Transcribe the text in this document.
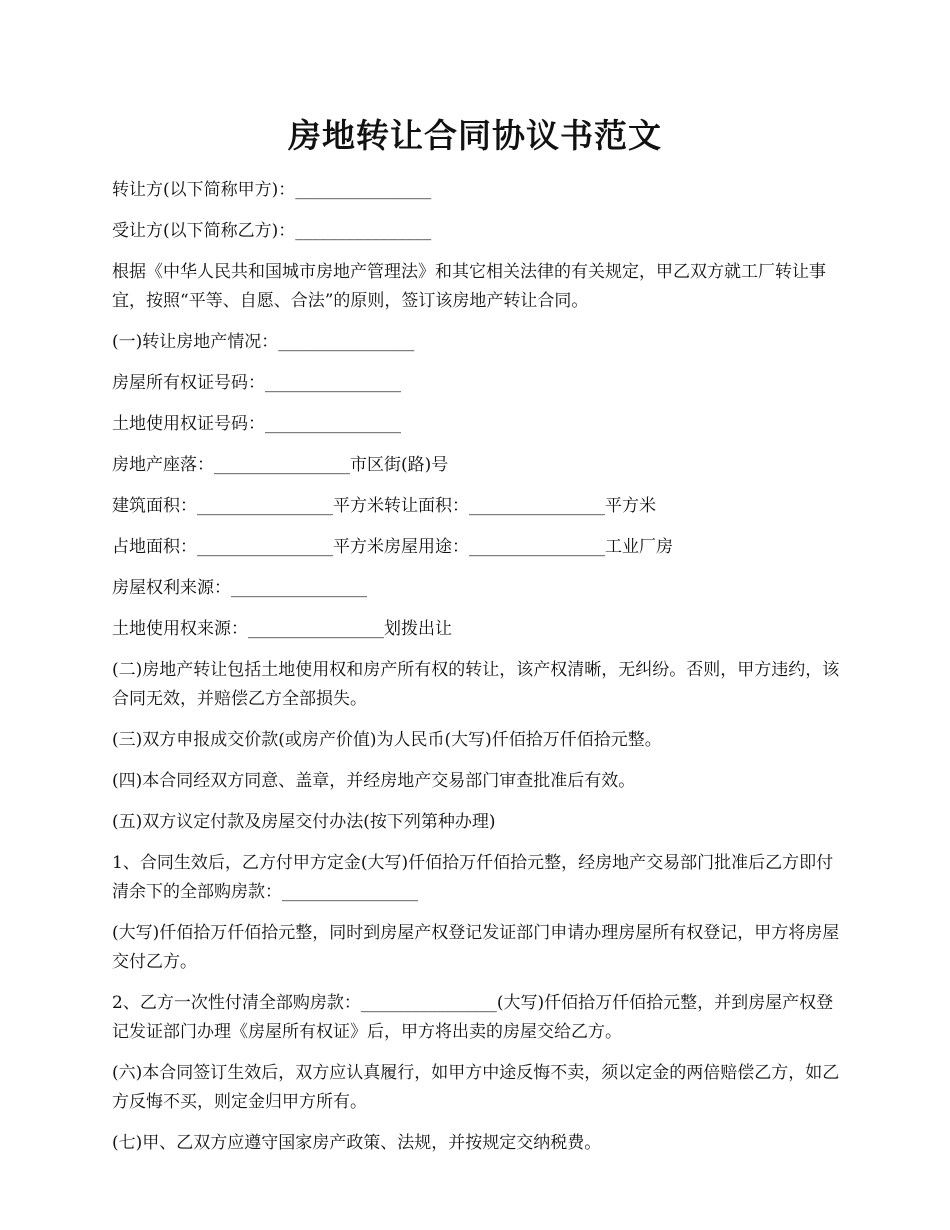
房地转让合同协议书范文

转让方(以下简称甲方)：________________

受让方(以下简称乙方)：________________

根据《中华人民共和国城市房地产管理法》和其它相关法律的有关规定，甲乙双方就工厂转让事宜，按照“平等、自愿、合法”的原则，签订该房地产转让合同。

(一)转让房地产情况：________________

房屋所有权证号码：________________

土地使用权证号码：________________

房地产座落：________________市区街(路)号

建筑面积：________________平方米转让面积：________________平方米

占地面积：________________平方米房屋用途：________________工业厂房

房屋权利来源：________________

土地使用权来源：________________划拨出让

(二)房地产转让包括土地使用权和房产所有权的转让，该产权清晰，无纠纷。否则，甲方违约，该合同无效，并赔偿乙方全部损失。

(三)双方申报成交价款(或房产价值)为人民币(大写)仟佰拾万仟佰拾元整。

(四)本合同经双方同意、盖章，并经房地产交易部门审查批准后有效。

(五)双方议定付款及房屋交付办法(按下列第种办理)

1、合同生效后，乙方付甲方定金(大写)仟佰拾万仟佰拾元整，经房地产交易部门批准后乙方即付清余下的全部购房款：________________

(大写)仟佰拾万仟佰拾元整，同时到房屋产权登记发证部门申请办理房屋所有权登记，甲方将房屋交付乙方。

2、乙方一次性付清全部购房款：________________(大写)仟佰拾万仟佰拾元整，并到房屋产权登记发证部门办理《房屋所有权证》后，甲方将出卖的房屋交给乙方。

(六)本合同签订生效后，双方应认真履行，如甲方中途反悔不卖，须以定金的两倍赔偿乙方，如乙方反悔不买，则定金归甲方所有。

(七)甲、乙双方应遵守国家房产政策、法规，并按规定交纳税费。
